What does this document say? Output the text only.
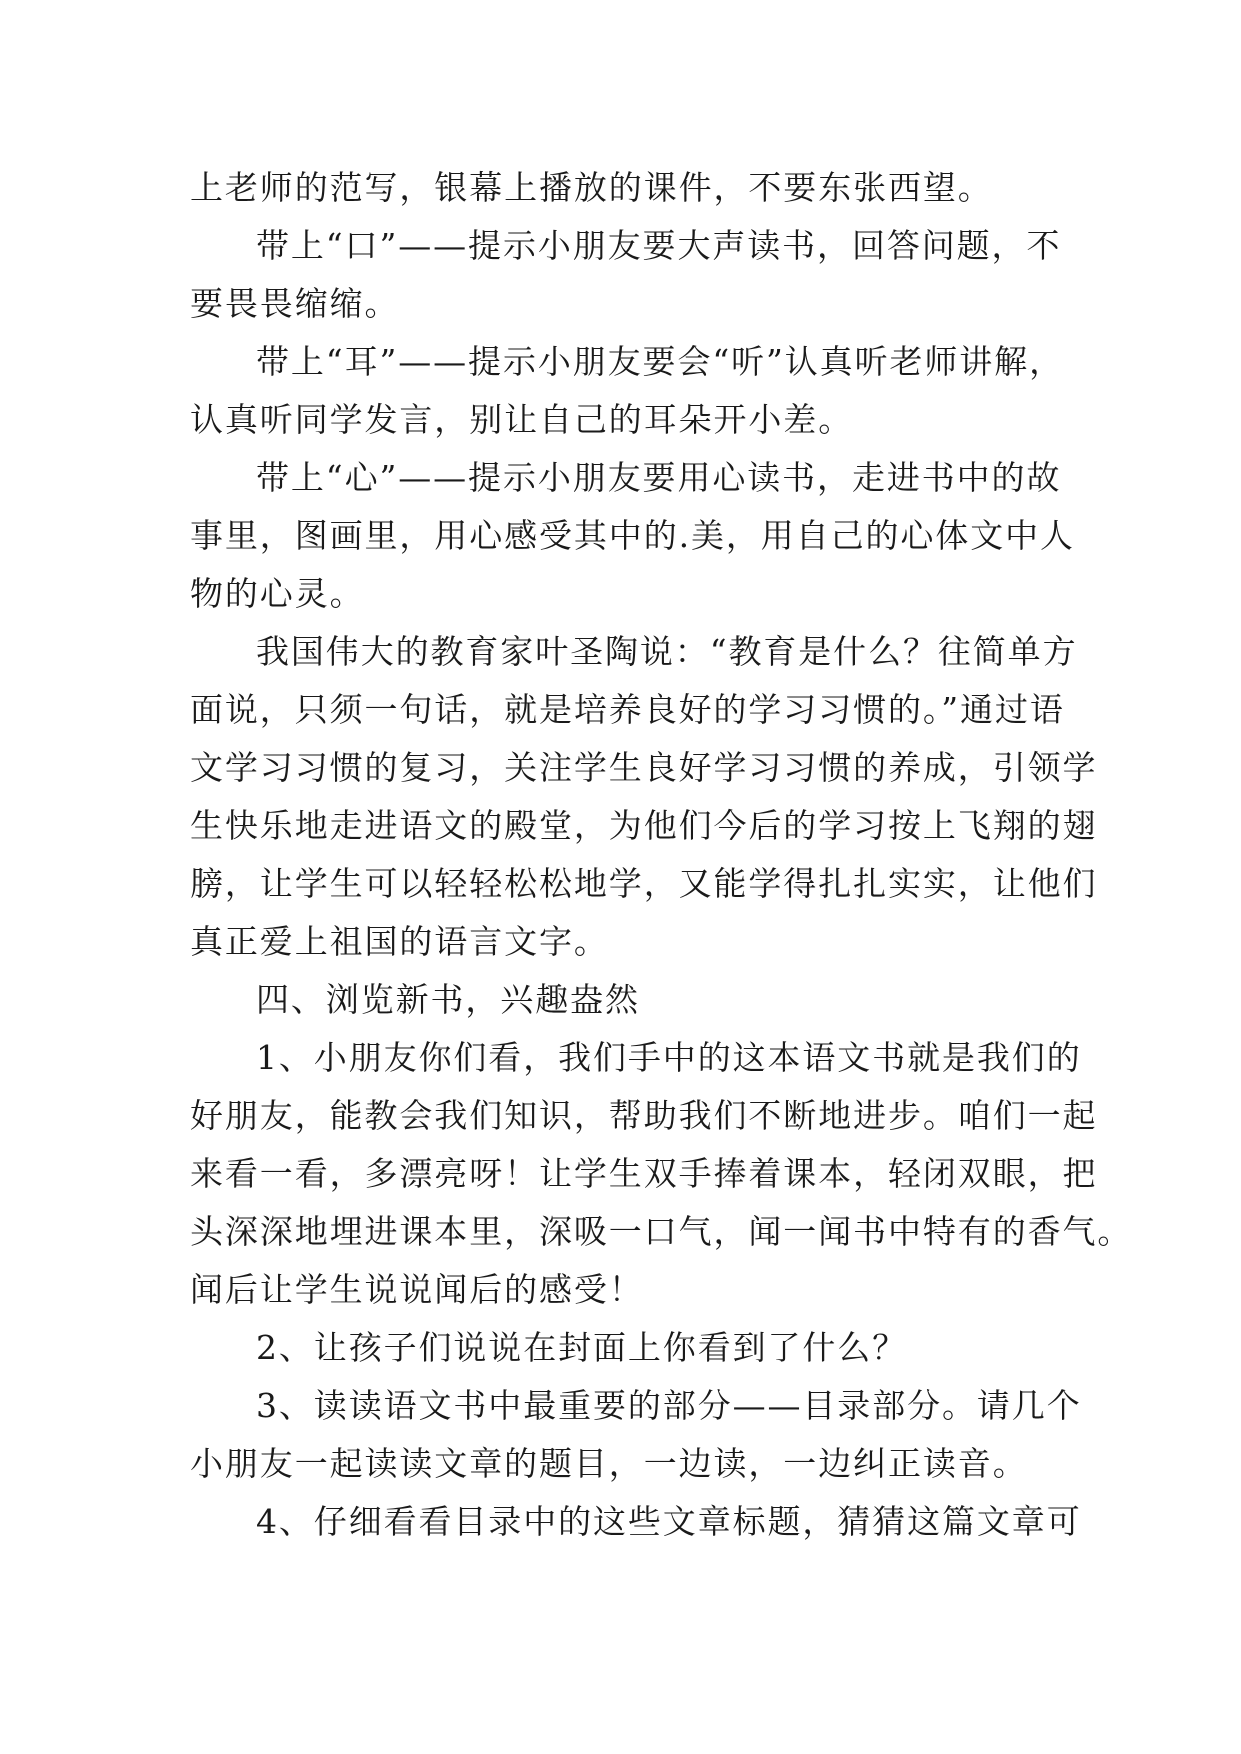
上老师的范写，银幕上播放的课件，不要东张西望。
带上“口”——提示小朋友要大声读书，回答问题，不
要畏畏缩缩。
带上“耳”——提示小朋友要会“听”认真听老师讲解，
认真听同学发言，别让自己的耳朵开小差。
带上“心”——提示小朋友要用心读书，走进书中的故
事里，图画里，用心感受其中的.美，用自己的心体文中人
物的心灵。
我国伟大的教育家叶圣陶说：“教育是什么？往简单方
面说，只须一句话，就是培养良好的学习习惯的。”通过语
文学习习惯的复习，关注学生良好学习习惯的养成，引领学
生快乐地走进语文的殿堂，为他们今后的学习按上飞翔的翅
膀，让学生可以轻轻松松地学，又能学得扎扎实实，让他们
真正爱上祖国的语言文字。
四、浏览新书，兴趣盎然
1、小朋友你们看，我们手中的这本语文书就是我们的
好朋友，能教会我们知识，帮助我们不断地进步。咱们一起
来看一看，多漂亮呀！让学生双手捧着课本，轻闭双眼，把
头深深地埋进课本里，深吸一口气，闻一闻书中特有的香气。
闻后让学生说说闻后的感受！
2、让孩子们说说在封面上你看到了什么？
3、读读语文书中最重要的部分——目录部分。请几个
小朋友一起读读文章的题目，一边读，一边纠正读音。
4、仔细看看目录中的这些文章标题，猜猜这篇文章可
